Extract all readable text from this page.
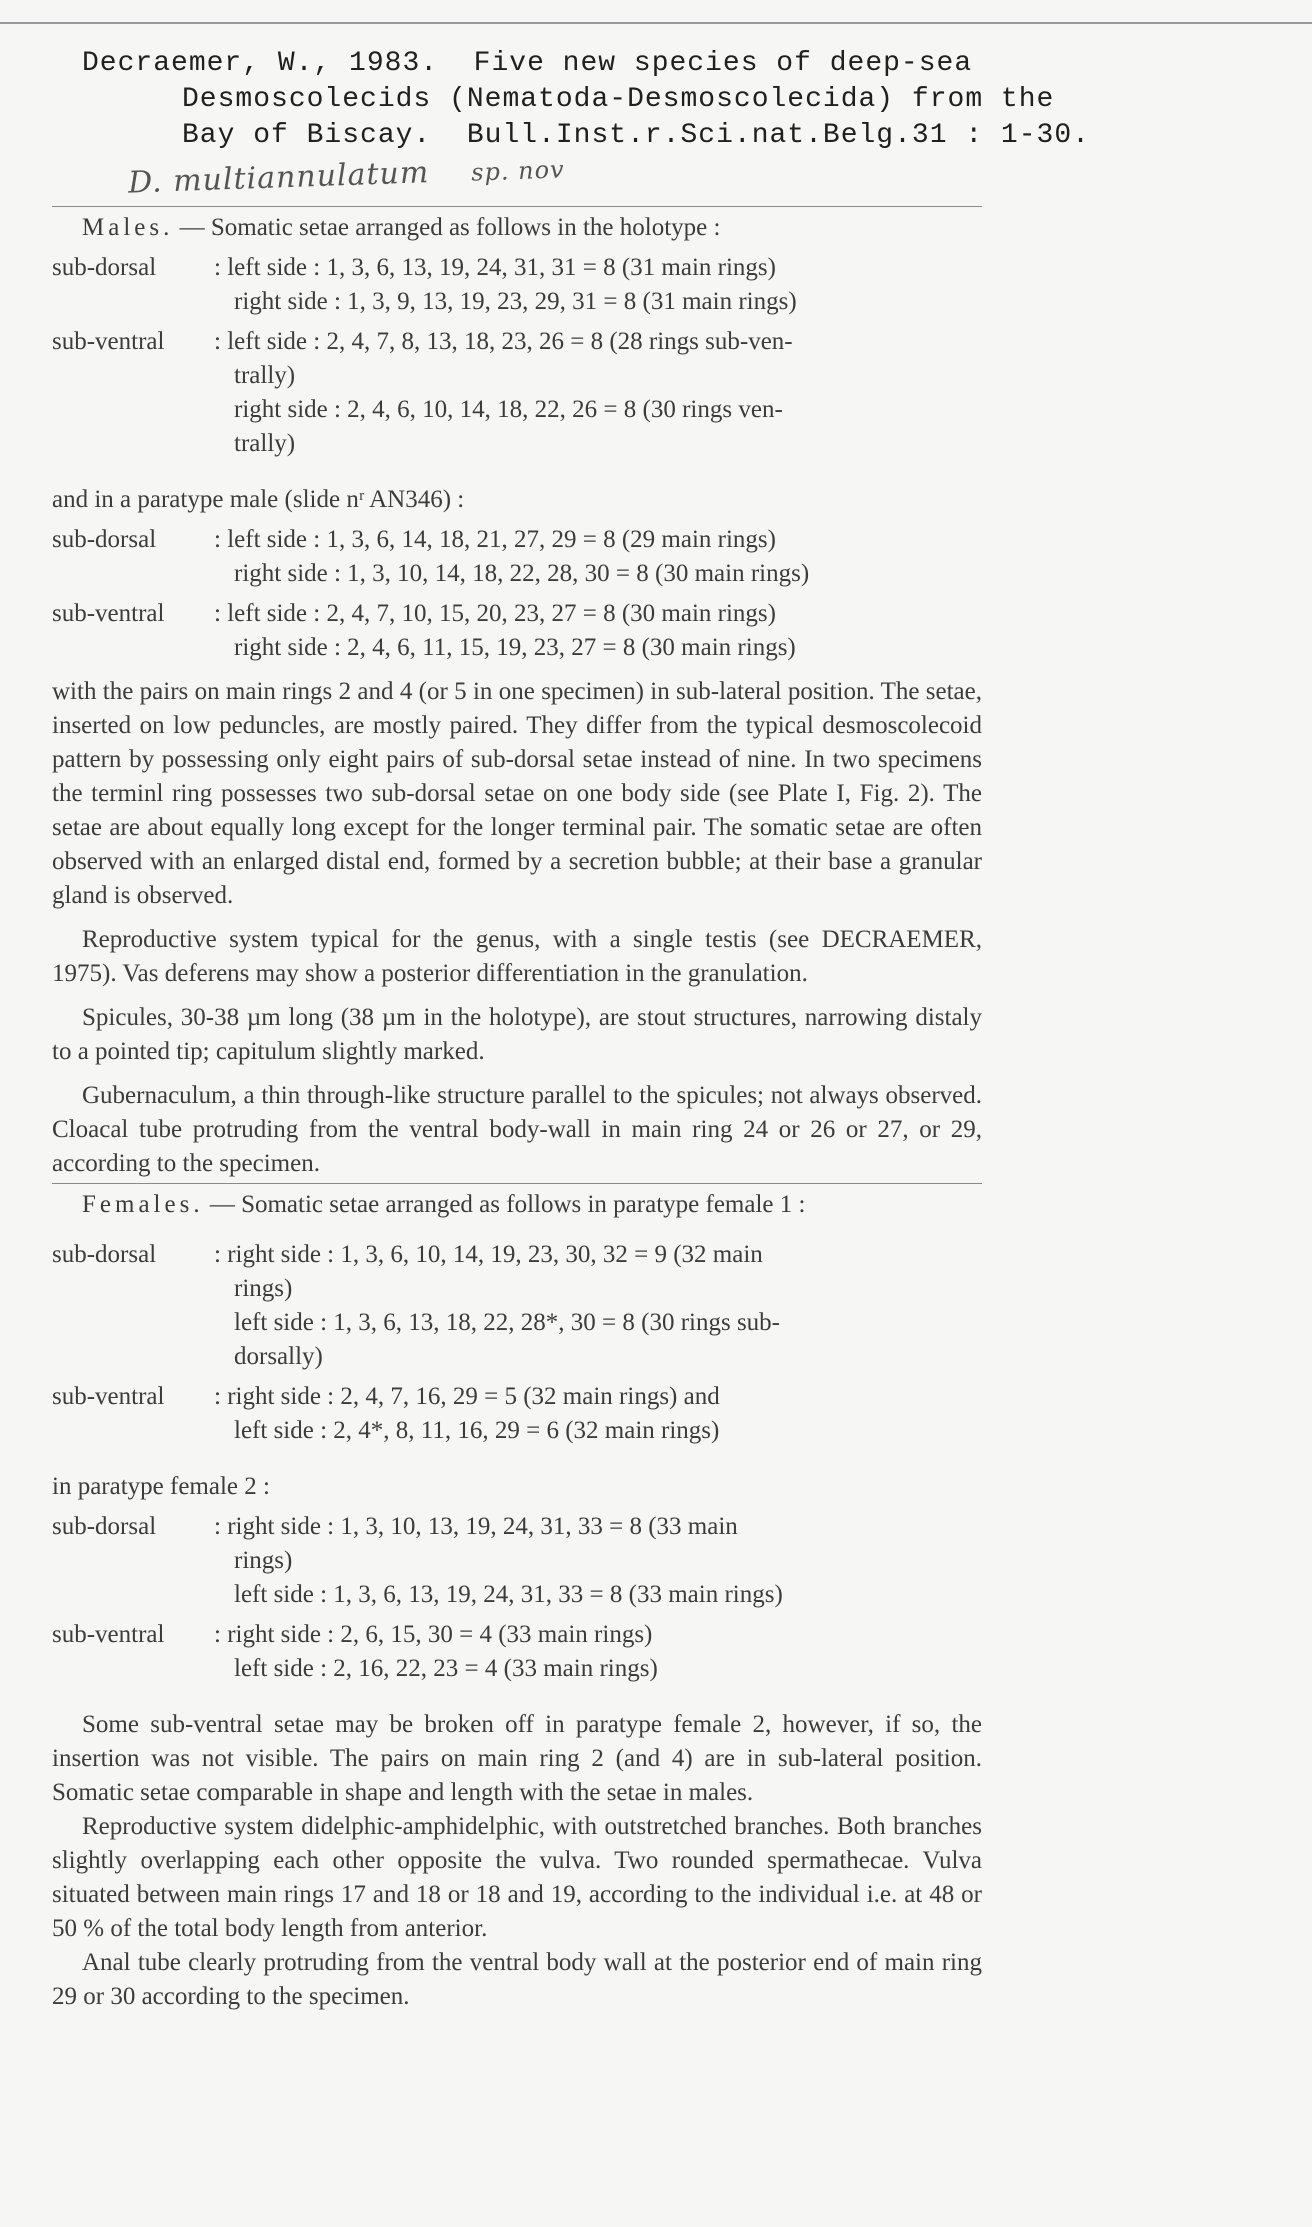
Decraemer, W., 1983.  Five new species of deep-sea
Desmoscolecids (Nematoda-Desmoscolecida) from the
Bay of Biscay.  Bull.Inst.r.Sci.nat.Belg.31 : 1-30.
D. multiannulatum sp. nov
Males. — Somatic setae arranged as follows in the holotype :
sub-dorsal	: left side : 1, 3, 6, 13, 19, 24, 31, 31 = 8 (31 main rings)
right side : 1, 3, 9, 13, 19, 23, 29, 31 = 8 (31 main rings)
sub-ventral	: left side : 2, 4, 7, 8, 13, 18, 23, 26 = 8 (28 rings sub-ven-
trally)
right side : 2, 4, 6, 10, 14, 18, 22, 26 = 8 (30 rings ven-
trally)
and in a paratype male (slide nʳ AN346) :
sub-dorsal	: left side : 1, 3, 6, 14, 18, 21, 27, 29 = 8 (29 main rings)
right side : 1, 3, 10, 14, 18, 22, 28, 30 = 8 (30 main rings)
sub-ventral	: left side : 2, 4, 7, 10, 15, 20, 23, 27 = 8 (30 main rings)
right side : 2, 4, 6, 11, 15, 19, 23, 27 = 8 (30 main rings)

with the pairs on main rings 2 and 4 (or 5 in one specimen) in sub-lateral position. The setae, inserted on low peduncles, are mostly paired. They differ from the typical desmoscolecoid pattern by possessing only eight pairs of sub-dorsal setae instead of nine. In two specimens the terminl ring possesses two sub-dorsal setae on one body side (see Plate I, Fig. 2). The setae are about equally long except for the longer terminal pair. The somatic setae are often observed with an enlarged distal end, formed by a secretion bubble; at their base a granular gland is observed.

Reproductive system typical for the genus, with a single testis (see DECRAEMER, 1975). Vas deferens may show a posterior differentiation in the granulation.

Spicules, 30-38 µm long (38 µm in the holotype), are stout structures, narrowing distaly to a pointed tip; capitulum slightly marked.

Gubernaculum, a thin through-like structure parallel to the spicules; not always observed. Cloacal tube protruding from the ventral body-wall in main ring 24 or 26 or 27, or 29, according to the specimen.

Females. — Somatic setae arranged as follows in paratype female 1 :
sub-dorsal	: right side : 1, 3, 6, 10, 14, 19, 23, 30, 32 = 9 (32 main
rings)
left side : 1, 3, 6, 13, 18, 22, 28*, 30 = 8 (30 rings sub-
dorsally)
sub-ventral	: right side : 2, 4, 7, 16, 29 = 5 (32 main rings) and
left side : 2, 4*, 8, 11, 16, 29 = 6 (32 main rings)
in paratype female 2 :
sub-dorsal	: right side : 1, 3, 10, 13, 19, 24, 31, 33 = 8 (33 main
rings)
left side : 1, 3, 6, 13, 19, 24, 31, 33 = 8 (33 main rings)
sub-ventral	: right side : 2, 6, 15, 30 = 4 (33 main rings)
left side : 2, 16, 22, 23 = 4 (33 main rings)

Some sub-ventral setae may be broken off in paratype female 2, however, if so, the insertion was not visible. The pairs on main ring 2 (and 4) are in sub-lateral position. Somatic setae comparable in shape and length with the setae in males.

Reproductive system didelphic-amphidelphic, with outstretched branches. Both branches slightly overlapping each other opposite the vulva. Two rounded spermathecae. Vulva situated between main rings 17 and 18 or 18 and 19, according to the individual i.e. at 48 or 50 % of the total body length from anterior.

Anal tube clearly protruding from the ventral body wall at the posterior end of main ring 29 or 30 according to the specimen.
